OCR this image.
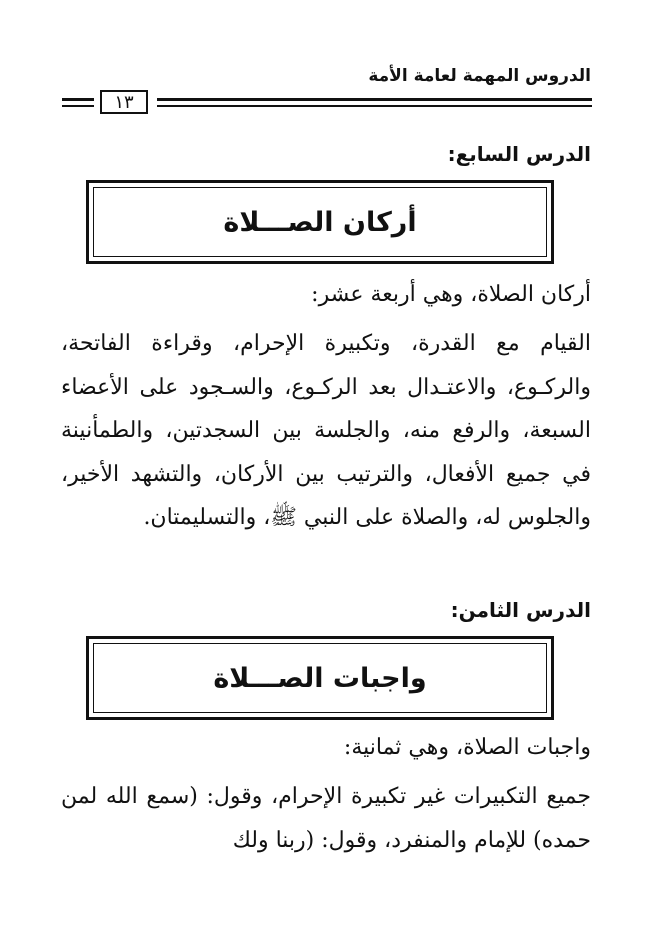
الدروس المهمة لعامة الأمة
١٣
الدرس السابع:
أركان الصـــلاة
أركان الصلاة، وهي أربعة عشر:
القيام مع القدرة، وتكبيرة الإحرام، وقراءة الفاتحة، والركـوع، والاعتـدال بعد الركـوع، والسـجود على الأعضاء السبعة، والرفع منه، والجلسة بين السجدتين، والطمأنينة في جميع الأفعال، والترتيب بين الأركان، والتشهد الأخير، والجلوس له، والصلاة على النبي ﷺ، والتسليمتان.
الدرس الثامن:
واجبات الصـــلاة
واجبات الصلاة، وهي ثمانية:
جميع التكبيرات غير تكبيرة الإحرام، وقول: (سمع الله لمن حمده) للإمام والمنفرد، وقول: (ربنا ولك
